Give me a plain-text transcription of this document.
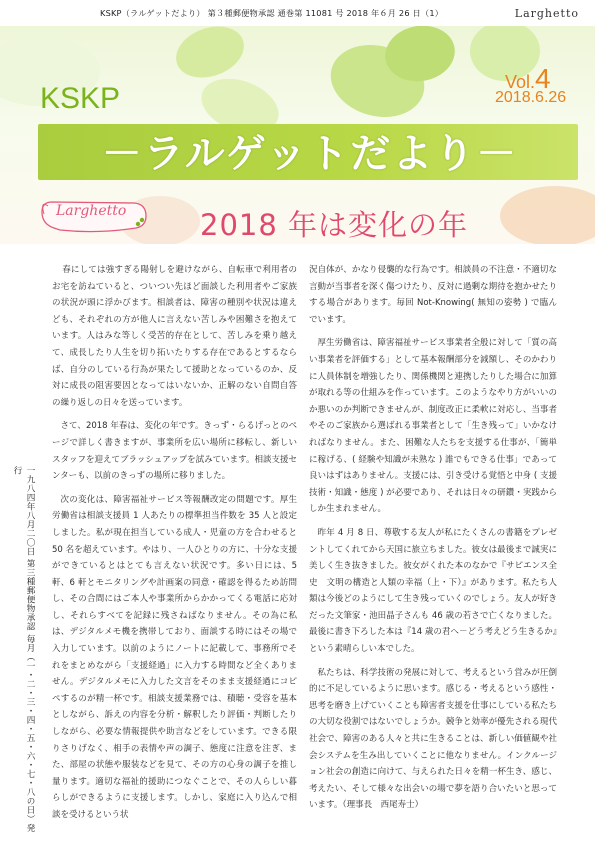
KSKP（ラルゲットだより） 第３種郵便物承認 通巻第 11081 号 2018 年６月 26 日（1）	Larghetto
KSKP	Vol.4
2018.6.26
－ラルゲットだより－
Larghetto	2018 年は変化の年
一九八四年八月二〇日 第三種郵便物承認 毎月（一・二・三・四・五・六・七・八の日）発行

春にしては強すぎる陽射しを避けながら、自転車で利用者のお宅を訪ねていると、ついつい先ほど面談した利用者やご家族の状況が頭に浮かびます。相談者は、障害の種別や状況は違えども、それぞれの方が他人に言えない苦しみや困難さを抱えています。人はみな等しく受苦的存在として、苦しみを乗り越えて、成長したり人生を切り拓いたりする存在であるとするならば、自分のしている行為が果たして援助となっているのか、反対に成長の阻害要因となってはいないか、正解のない自問自答の繰り返しの日々を送っています。

さて、2018 年春は、変化の年です。きっず・らるげっとのページで詳しく書きますが、事業所を広い場所に移転し、新しいスタッフを迎えてブラッシュアップを試みています。相談支援センターも、以前のきっずの場所に移りました。

次の変化は、障害福祉サービス等報酬改定の問題です。厚生労働省は相談支援員 1 人あたりの標準担当件数を 35 人と設定しました。私が現在担当している成人・児童の方を合わせると 50 名を超えています。やはり、一人ひとりの方に、十分な支援ができているとはとても言えない状況です。多い日には、5 軒、6 軒とモニタリングや計画案の同意・確認を得るため訪問し、その合間にはご本人や事業所からかかってくる電話に応対し、それらすべてを記録に残さねばなりません。その為に私は、デジタルメモ機を携帯しており、面談する時にはその場で入力しています。以前のようにノートに記載して、事務所でそれをまとめながら「支援経過」に入力する時間など全くありません。デジタルメモに入力した文言をそのまま支援経過にコピペするのが精一杯です。相談支援業務では、積聴・受容を基本としながら、訴えの内容を分析・解釈したり評価・判断したりしながら、必要な情報提供や助言などをしています。できる限りさりげなく、相手の表情や声の調子、態度に注意を注ぎ、また、部屋の状態や服装などを見て、その方の心身の調子を推し量ります。適切な福祉的援助につなぐことで、その人らしい暮らしができるように支援します。しかし、家庭に入り込んで相談を受けるという状

況自体が、かなり侵襲的な行為です。相談員の不注意・不適切な言動が当事者を深く傷つけたり、反対に過剰な期待を抱かせたりする場合があります。毎回 Not-Knowing( 無知の姿勢 ) で臨んでいます。

厚生労働省は、障害福祉サービス事業者全般に対して「質の高い事業者を評価する」として基本報酬部分を減額し、そのかわりに人員体制を増強したり、関係機関と連携したりした場合に加算が取れる等の仕組みを作っています。このようなやり方がいいのか悪いのか判断できませんが、制度改正に柔軟に対応し、当事者やそのご家族から選ばれる事業者として「生き残って」いかなければなりません。また、困難な人たちを支援する仕事が、「簡単に稼げる、( 経験や知識が未熟な ) 誰でもできる仕事」であって良いはずはありません。支援には、引き受ける覚悟と中身 ( 支援技術・知識・態度 ) が必要であり、それは日々の研鑽・実践からしか生まれません。

昨年 4 月 8 日、尊敬する友人が私にたくさんの書籍をプレゼントしてくれてから天国に旅立ちました。彼女は最後まで誠実に美しく生き抜きました。彼女がくれた本のなかで『サピエンス全史　文明の構造と人類の幸福（上・下）』があります。私たち人類は今後どのようにして生き残っていくのでしょう。友人が好きだった文筆家・池田晶子さんも 46 歳の若さで亡くなりました。最後に書き下ろした本は『14 歳の君へ－どう考えどう生きるか』という素晴らしい本でした。

私たちは、科学技術の発展に対して、考えるという営みが圧倒的に不足しているように思います。感じる・考えるという感性・思考を磨き上げていくことも障害者支援を仕事にしている私たちの大切な役割ではないでしょうか。競争と効率が優先される現代社会で、障害のある人々と共に生きることは、新しい価値観や社会システムを生み出していくことに他なりません。インクルージョン社会の創造に向けて、与えられた日々を精一杯生き、感じ、考えたい、そして様々な出会いの場で夢を語り合いたいと思っています。（理事長　西尾寿士）
